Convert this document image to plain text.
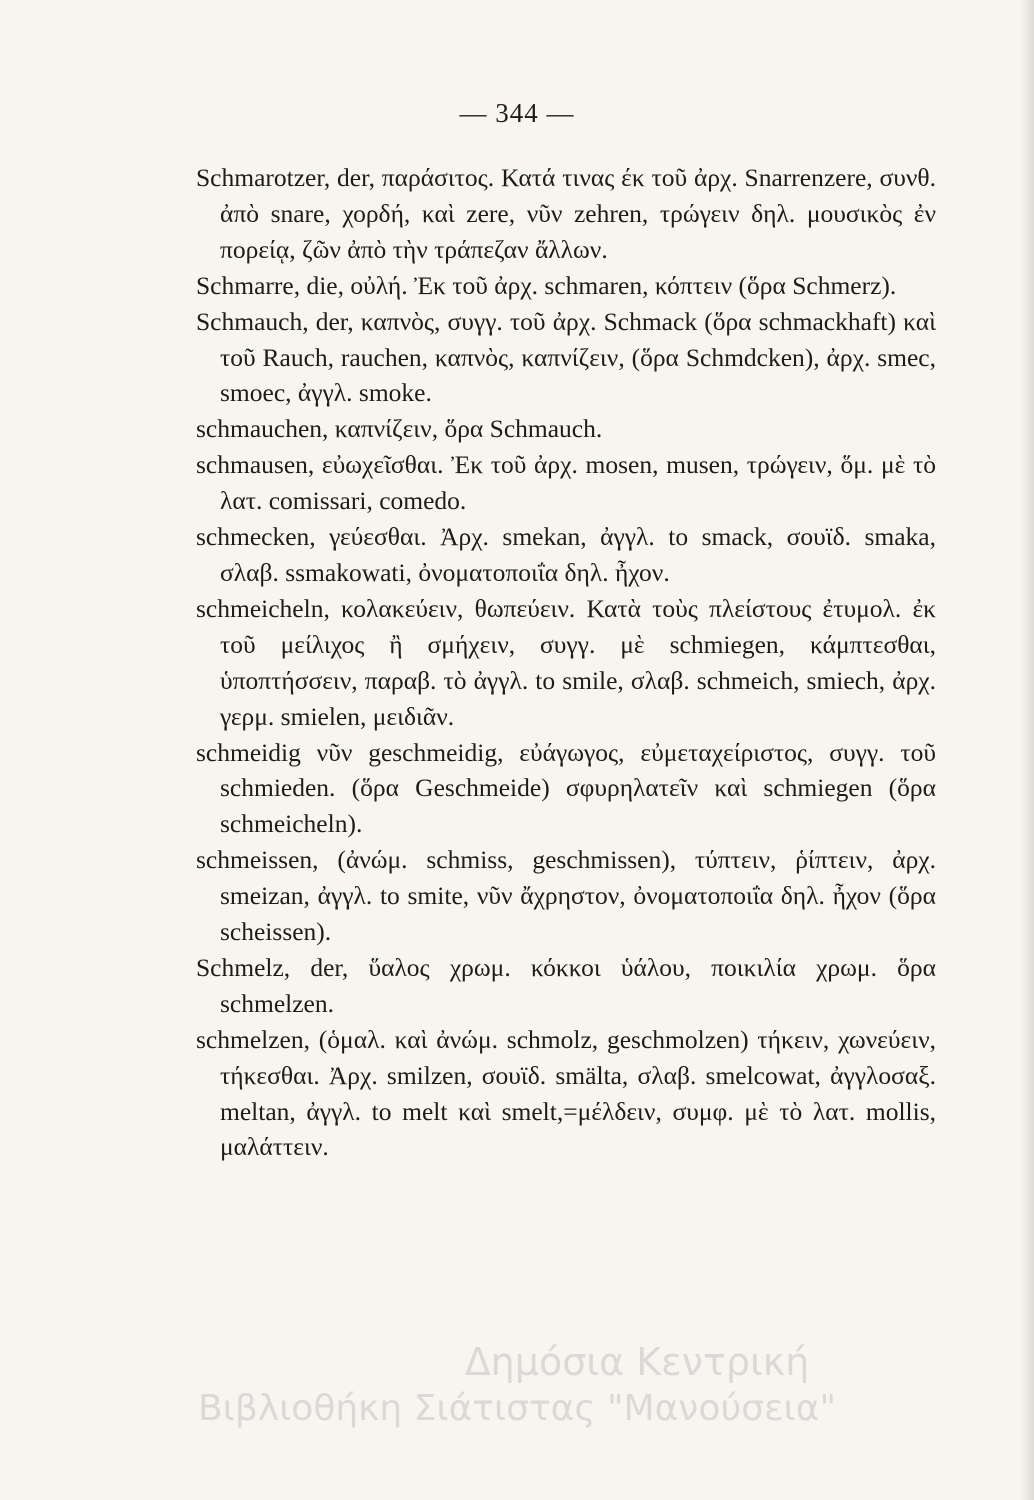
— 344 —
Schmarotzer, der, παράσιτος. Κατά τινας έκ τοῦ ἀρχ. Snarrenzere, συνθ. ἀπὸ snare, χορδή, καὶ zere, νῦν zehren, τρώγειν δηλ. μουσικὸς ἐν πορείᾳ, ζῶν ἀπὸ τὴν τράπεζαν ἄλλων.
Schmarre, die, οὐλή. Ἐκ τοῦ ἀρχ. schmaren, κόπτειν (ὅρα Schmerz).
Schmauch, der, καπνὸς, συγγ. τοῦ ἀρχ. Schmack (ὅρα schmackhaft) καὶ τοῦ Rauch, rauchen, καπνὸς, καπνίζειν, (ὅρα Schmdcken), ἀρχ. smec, smoec, ἀγγλ. smoke.
schmauchen, καπνίζειν, ὅρα Schmauch.
schmausen, εὐωχεῖσθαι. Ἐκ τοῦ ἀρχ. mosen, musen, τρώγειν, ὅμ. μὲ τὸ λατ. comissari, comedo.
schmecken, γεύεσθαι. Ἀρχ. smekan, ἀγγλ. to smack, σουϊδ. smaka, σλαβ. ssmakowati, ὀνοματοποιΐα δηλ. ἦχον.
schmeicheln, κολακεύειν, θωπεύειν. Κατὰ τοὺς πλείστους ἐτυμολ. ἐκ τοῦ μείλιχος ἢ σμήχειν, συγγ. μὲ schmiegen, κάμπτεσθαι, ὑποπτήσσειν, παραβ. τὸ ἀγγλ. to smile, σλαβ. schmeich, smiech, ἀρχ. γερμ. smielen, μειδιᾶν.
schmeidig νῦν geschmeidig, εὐάγωγος, εὐμεταχείριστος, συγγ. τοῦ schmieden. (ὅρα Geschmeide) σφυρηλατεῖν καὶ schmiegen (ὅρα schmeicheln).
schmeissen, (ἀνώμ. schmiss, geschmissen), τύπτειν, ῥίπτειν, ἀρχ. smeizan, ἀγγλ. to smite, νῦν ἄχρηστον, ὀνοματοποιΐα δηλ. ἦχον (ὅρα scheissen).
Schmelz, der, ὕαλος χρωμ. κόκκοι ὑάλου, ποικιλία χρωμ. ὅρα schmelzen.
schmelzen, (ὁμαλ. καὶ ἀνώμ. schmolz, geschmolzen) τήκειν, χωνεύειν, τήκεσθαι. Ἀρχ. smilzen, σουϊδ. smälta, σλαβ. smelcowat, ἀγγλοσαξ. meltan, ἀγγλ. to melt καὶ smelt,=μέλδειν, συμφ. μὲ τὸ λατ. mollis, μαλάττειν.
Δημόσια Κεντρική
Βιβλιοθήκη Σιάτιστας "Μανούσεια"
